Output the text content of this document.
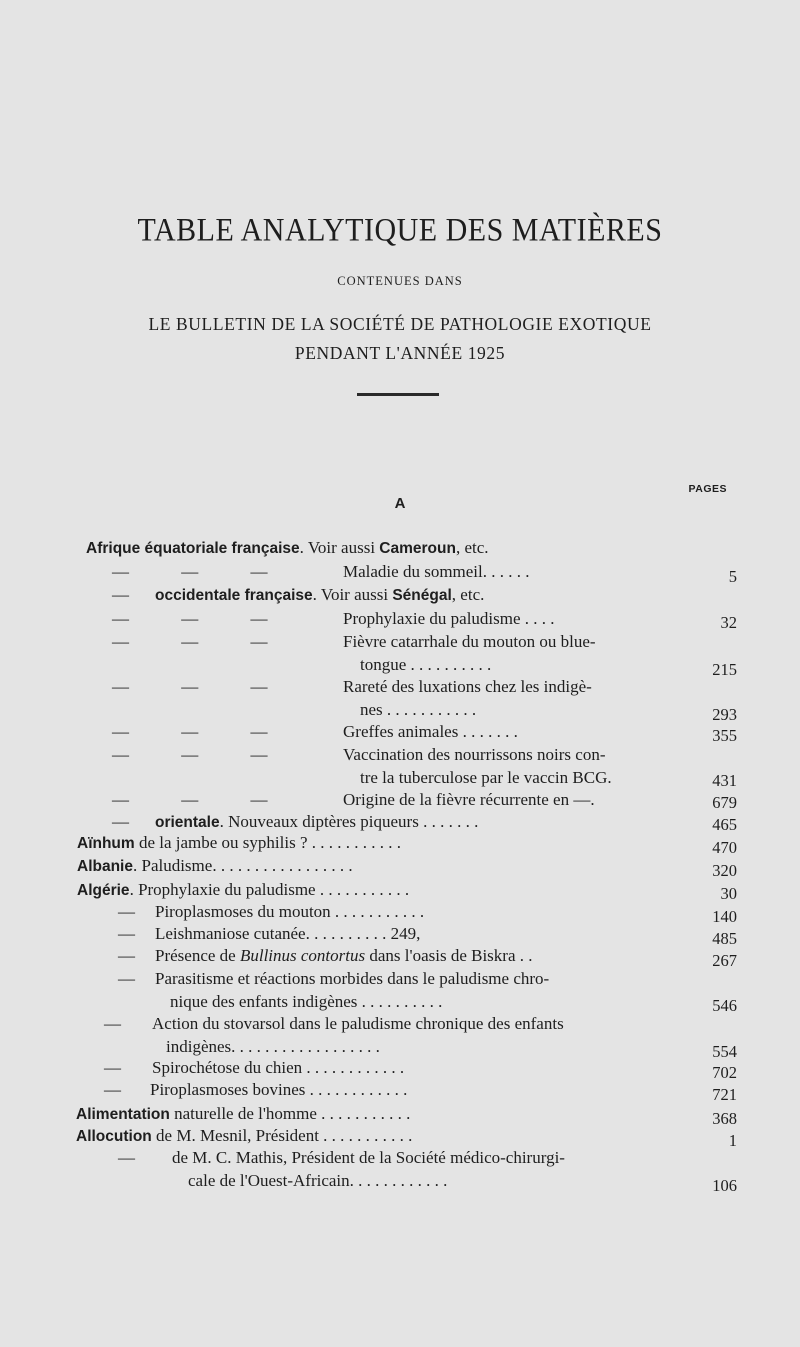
TABLE ANALYTIQUE DES MATIÈRES
CONTENUES DANS
LE BULLETIN DE LA SOCIÉTÉ DE PATHOLOGIE EXOTIQUE
PENDANT L'ANNÉE 1925
PAGES
A
Afrique équatoriale française. Voir aussi Cameroun, etc.
— — —	Maladie du sommeil. . . . . .	5
— occidentale française. Voir aussi Sénégal, etc.
— — —	Prophylaxie du paludisme . . . .	32
— — —	Fièvre catarrhale du mouton ou blue-
tongue . . . . . . . . . .	215
— — —	Rareté des luxations chez les indigè-
nes . . . . . . . . . . .	293
— — —	Greffes animales . . . . . . .	355
— — —	Vaccination des nourrissons noirs con-
tre la tuberculose par le vaccin BCG.	431
— — —	Origine de la fièvre récurrente en —.	679
— orientale. Nouveaux diptères piqueurs . . . . . . .	465
Aïnhum de la jambe ou syphilis ? . . . . . . . . . . .	470
Albanie. Paludisme. . . . . . . . . . . . . . . . .	320
Algérie. Prophylaxie du paludisme . . . . . . . . . . .	30
— Piroplasmoses du mouton . . . . . . . . . . .	140
— Leishmaniose cutanée. . . . . . . . . . 249,	485
— Présence de Bullinus contortus dans l'oasis de Biskra . .	267
— Parasitisme et réactions morbides dans le paludisme chro-
nique des enfants indigènes . . . . . . . . . .	546
— Action du stovarsol dans le paludisme chronique des enfants
indigènes. . . . . . . . . . . . . . . . . .	554
— Spirochétose du chien . . . . . . . . . . . .	702
— Piroplasmoses bovines . . . . . . . . . . . .	721
Alimentation naturelle de l'homme . . . . . . . . . . .	368
Allocution de M. Mesnil, Président . . . . . . . . . . .	1
— de M. C. Mathis, Président de la Société médico-chirurgi-
cale de l'Ouest-Africain. . . . . . . . . . . .	106
